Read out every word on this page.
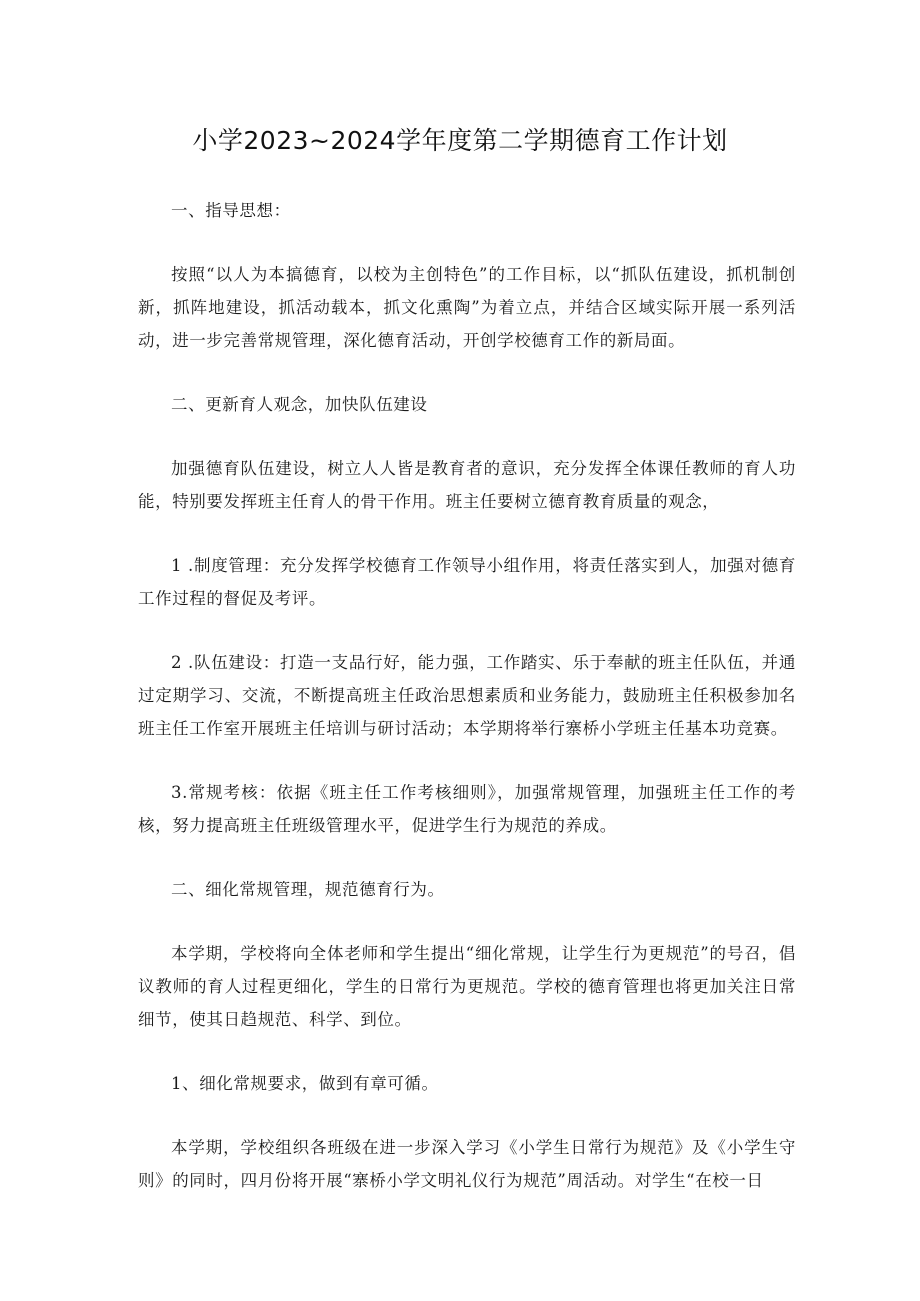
小学2023~2024学年度第二学期德育工作计划

一、指导思想：

按照“以人为本搞德育，以校为主创特色”的工作目标，以“抓队伍建设，抓机制创新，抓阵地建设，抓活动载本，抓文化熏陶”为着立点，并结合区域实际开展一系列活动，进一步完善常规管理，深化德育活动，开创学校德育工作的新局面。

二、更新育人观念，加快队伍建设

加强德育队伍建设，树立人人皆是教育者的意识，充分发挥全体课任教师的育人功能，特别要发挥班主任育人的骨干作用。班主任要树立德育教育质量的观念，

1 .制度管理：充分发挥学校德育工作领导小组作用，将责任落实到人，加强对德育工作过程的督促及考评。

2 .队伍建设：打造一支品行好，能力强，工作踏实、乐于奉献的班主任队伍，并通过定期学习、交流，不断提高班主任政治思想素质和业务能力，鼓励班主任积极参加名班主任工作室开展班主任培训与研讨活动；本学期将举行寨桥小学班主任基本功竞赛。

3.常规考核：依据《班主任工作考核细则》，加强常规管理，加强班主任工作的考核，努力提高班主任班级管理水平，促进学生行为规范的养成。

二、细化常规管理，规范德育行为。

本学期，学校将向全体老师和学生提出“细化常规，让学生行为更规范”的号召，倡议教师的育人过程更细化，学生的日常行为更规范。学校的德育管理也将更加关注日常细节，使其日趋规范、科学、到位。

1、细化常规要求，做到有章可循。

本学期，学校组织各班级在进一步深入学习《小学生日常行为规范》及《小学生守则》的同时，四月份将开展“寨桥小学文明礼仪行为规范”周活动。对学生“在校一日
